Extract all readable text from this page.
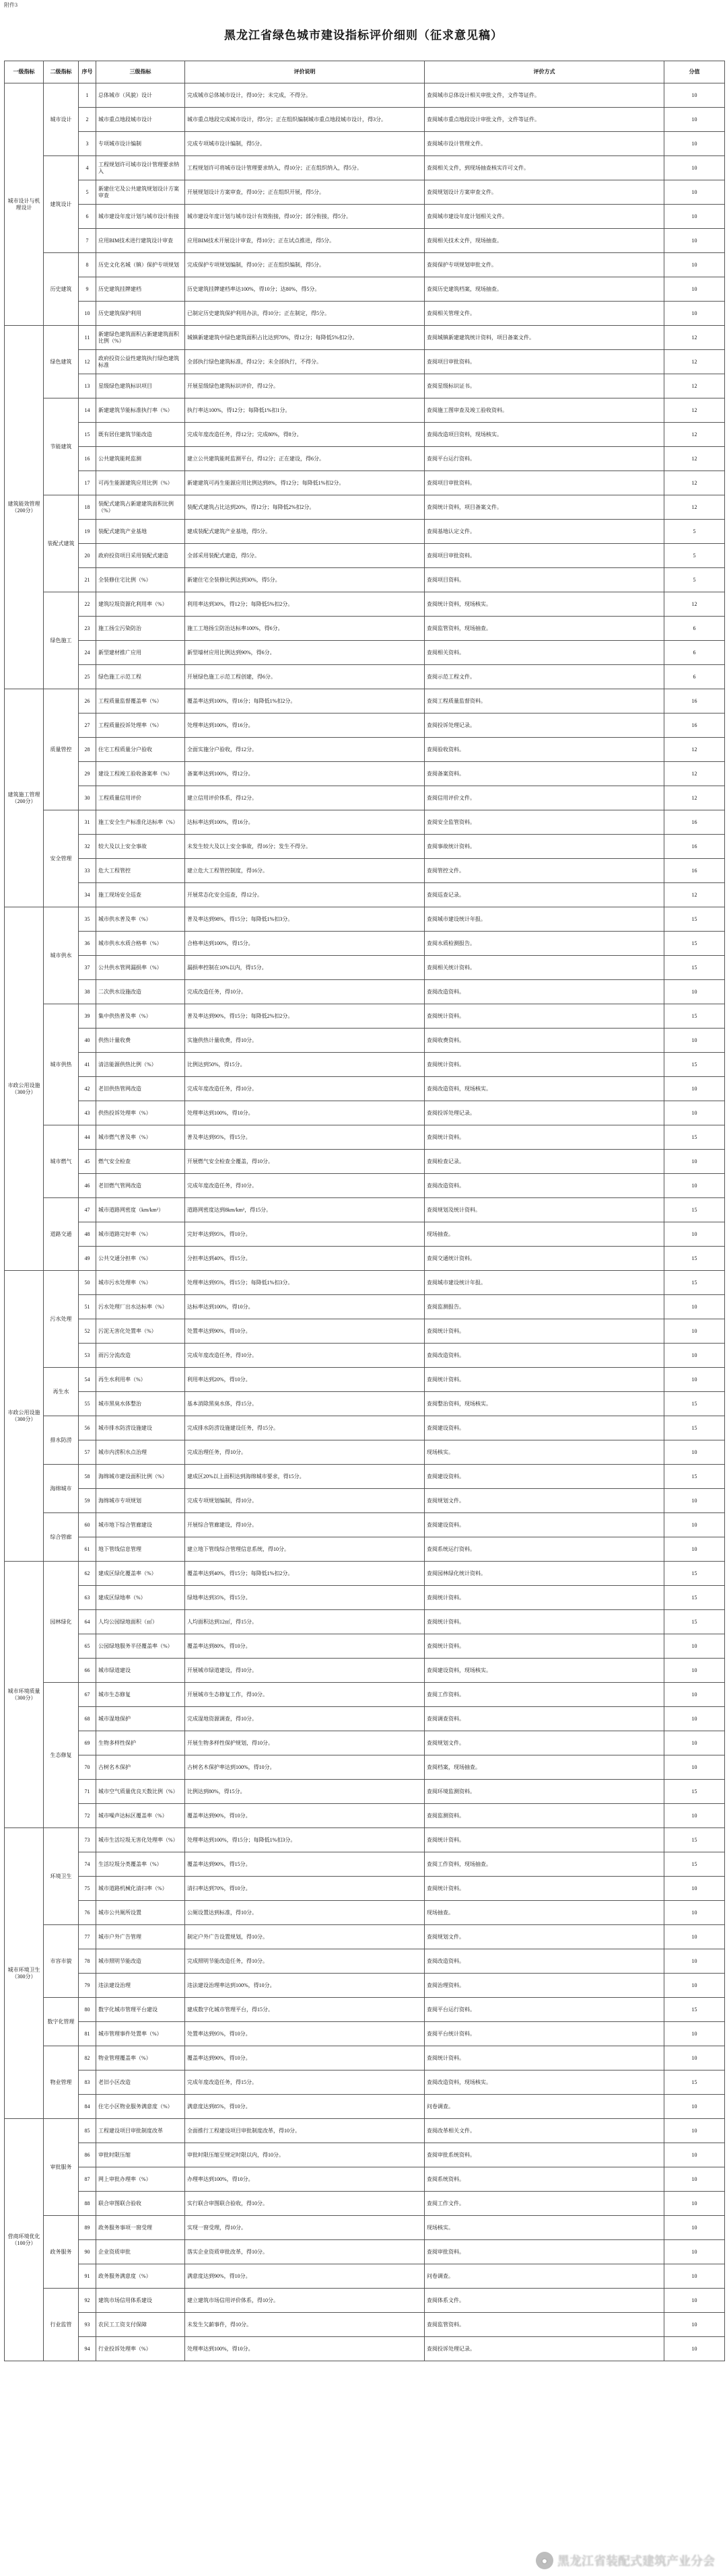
附件3
黑龙江省绿色城市建设指标评价细则（征求意见稿）
一级指标	二级指标	序号	三级指标	评价说明	评价方式	分值
城市设计与机理设计	城市设计	1	总体城市（风貌）设计	完成城市总体城市设计，得10分；未完成，不得分。	查阅城市总体设计相关审批文件，文件等证件。	10
		2	城市重点地段城市设计	城市重点地段完成城市设计，得5分；正在组织编制城市重点地段城市设计，得3分。	查阅城市重点地段设计审批文件，文件等证件。	10
		3	专项城市设计编制	完成专项城市设计编制，得5分。	查阅城市设计管理文件。	10
	建筑设计	4	工程规划许可城市设计管理要求纳入	工程规划许可将城市设计管理要求纳入，得10分；正在组织纳入，得5分。	查阅相关文件，到现场抽查核实许可文件。	10
		5	新建住宅及公共建筑规划设计方案审查	开展规划设计方案审查，得10分；正在组织开展，得5分。	查阅规划设计方案审查文件。	10
		6	城市建设年度计划与城市设计衔接	城市建设年度计划与城市设计有效衔接，得10分；部分衔接，得5分。	查阅城市建设年度计划相关文件。	10
		7	应用BIM技术进行建筑设计审查	应用BIM技术开展设计审查，得10分；正在试点推进，得5分。	查阅相关技术文件，现场抽查。	10
	历史建筑	8	历史文化名城（镇）保护专项规划	完成保护专项规划编制，得10分；正在组织编制，得5分。	查阅保护专项规划审批文件。	10
		9	历史建筑挂牌建档	历史建筑挂牌建档率达100%，得10分；达80%，得5分。	查阅历史建筑档案，现场抽查。	10
		10	历史建筑保护利用	已制定历史建筑保护利用办法，得10分；正在制定，得5分。	查阅相关管理文件。	10
建筑能效管理（200分）	绿色建筑	11	新建绿色建筑面积占新建建筑面积比例（%）	城镇新建建筑中绿色建筑面积占比达到70%，得12分；每降低5%扣2分。	查阅城镇新建建筑统计资料，项目备案文件。	12
		12	政府投资公益性建筑执行绿色建筑标准	全部执行绿色建筑标准，得12分；未全部执行，不得分。	查阅项目审批资料。	12
		13	星级绿色建筑标识项目	开展星级绿色建筑标识评价，得12分。	查阅星级标识证书。	12
	节能建筑	14	新建建筑节能标准执行率（%）	执行率达100%，得12分；每降低1%扣1分。	查阅施工图审查及竣工验收资料。	12
		15	既有居住建筑节能改造	完成年度改造任务，得12分；完成80%，得8分。	查阅改造项目资料，现场核实。	12
		16	公共建筑能耗监测	建立公共建筑能耗监测平台，得12分；正在建设，得6分。	查阅平台运行资料。	12
		17	可再生能源建筑应用比例（%）	新建建筑可再生能源应用比例达到8%，得12分；每降低1%扣2分。	查阅项目审批资料。	12
	装配式建筑	18	装配式建筑占新建建筑面积比例（%）	装配式建筑占比达到20%，得12分；每降低2%扣2分。	查阅统计资料，项目备案文件。	12
		19	装配式建筑产业基地	建成装配式建筑产业基地，得5分。	查阅基地认定文件。	5
		20	政府投资项目采用装配式建造	全部采用装配式建造，得5分。	查阅项目审批资料。	5
		21	全装修住宅比例（%）	新建住宅全装修比例达到30%，得5分。	查阅项目资料。	5
	绿色施工	22	建筑垃圾资源化利用率（%）	利用率达到30%，得12分；每降低5%扣2分。	查阅统计资料，现场核实。	12
		23	施工扬尘污染防治	施工工地扬尘防治达标率100%，得6分。	查阅监管资料，现场抽查。	6
		24	新型建材推广应用	新型墙材应用比例达到90%，得6分。	查阅相关资料。	6
		25	绿色施工示范工程	开展绿色施工示范工程创建，得6分。	查阅示范工程文件。	6
建筑施工管理（200分）	质量管控	26	工程质量监督覆盖率（%）	覆盖率达到100%，得16分；每降低1%扣2分。	查阅工程质量监督资料。	16
		27	工程质量投诉处理率（%）	处理率达到100%，得16分。	查阅投诉处理记录。	16
		28	住宅工程质量分户验收	全面实施分户验收，得12分。	查阅验收资料。	12
		29	建设工程竣工验收备案率（%）	备案率达到100%，得12分。	查阅备案资料。	12
		30	工程质量信用评价	建立信用评价体系，得12分。	查阅信用评价文件。	12
	安全管理	31	施工安全生产标准化达标率（%）	达标率达到100%，得16分。	查阅安全监管资料。	16
		32	较大及以上安全事故	未发生较大及以上安全事故，得16分；发生不得分。	查阅事故统计资料。	16
		33	危大工程管控	建立危大工程管控制度，得16分。	查阅管控文件。	16
		34	施工现场安全巡查	开展常态化安全巡查，得12分。	查阅巡查记录。	12
市政公用设施（300分）	城市供水	35	城市供水普及率（%）	普及率达到98%，得15分；每降低1%扣3分。	查阅城市建设统计年报。	15
		36	城市供水水质合格率（%）	合格率达到100%，得15分。	查阅水质检测报告。	15
		37	公共供水管网漏损率（%）	漏损率控制在10%以内，得15分。	查阅相关统计资料。	15
		38	二次供水设施改造	完成改造任务，得10分。	查阅改造资料。	10
	城市供热	39	集中供热普及率（%）	普及率达到90%，得15分；每降低2%扣2分。	查阅统计资料。	15
		40	供热计量收费	实施供热计量收费，得10分。	查阅收费资料。	10
		41	清洁能源供热比例（%）	比例达到50%，得15分。	查阅统计资料。	15
		42	老旧供热管网改造	完成年度改造任务，得10分。	查阅改造资料，现场核实。	10
		43	供热投诉处理率（%）	处理率达到100%，得10分。	查阅投诉处理记录。	10
	城市燃气	44	城市燃气普及率（%）	普及率达到95%，得15分。	查阅统计资料。	15
		45	燃气安全检查	开展燃气安全检查全覆盖，得10分。	查阅检查记录。	10
		46	老旧燃气管网改造	完成年度改造任务，得10分。	查阅改造资料。	10
	道路交通	47	城市道路网密度（km/km²）	道路网密度达到8km/km²，得15分。	查阅规划及统计资料。	15
		48	城市道路完好率（%）	完好率达到95%，得10分。	现场抽查。	10
		49	公共交通分担率（%）	分担率达到40%，得15分。	查阅交通统计资料。	15
市政公用设施（300分）	污水处理	50	城市污水处理率（%）	处理率达到95%，得15分；每降低1%扣3分。	查阅城市建设统计年报。	15
		51	污水处理厂出水达标率（%）	达标率达到100%，得10分。	查阅监测报告。	10
		52	污泥无害化处置率（%）	处置率达到90%，得10分。	查阅统计资料。	10
		53	雨污分流改造	完成年度改造任务，得10分。	查阅改造资料。	10
	再生水	54	再生水利用率（%）	利用率达到20%，得10分。	查阅统计资料。	10
		55	城市黑臭水体整治	基本消除黑臭水体，得15分。	查阅整治资料，现场核实。	15
	排水防涝	56	城市排水防涝设施建设	完成排水防涝设施建设任务，得15分。	查阅建设资料。	15
		57	城市内涝积水点治理	完成治理任务，得10分。	现场核实。	10
	海绵城市	58	海绵城市建设面积比例（%）	建成区20%以上面积达到海绵城市要求，得15分。	查阅建设资料。	15
		59	海绵城市专项规划	完成专项规划编制，得10分。	查阅规划文件。	10
	综合管廊	60	城市地下综合管廊建设	开展综合管廊建设，得10分。	查阅建设资料。	10
		61	地下管线信息管理	建立地下管线综合管理信息系统，得10分。	查阅系统运行资料。	10
城市环境质量（300分）	园林绿化	62	建成区绿化覆盖率（%）	覆盖率达到40%，得15分；每降低1%扣2分。	查阅园林绿化统计资料。	15
		63	建成区绿地率（%）	绿地率达到35%，得15分。	查阅统计资料。	15
		64	人均公园绿地面积（㎡）	人均面积达到12㎡，得15分。	查阅统计资料。	15
		65	公园绿地服务半径覆盖率（%）	覆盖率达到80%，得10分。	查阅统计资料。	10
		66	城市绿道建设	开展城市绿道建设，得10分。	查阅建设资料，现场核实。	10
	生态修复	67	城市生态修复	开展城市生态修复工作，得10分。	查阅工作资料。	10
		68	城市湿地保护	完成湿地资源调查，得10分。	查阅调查资料。	10
		69	生物多样性保护	开展生物多样性保护规划，得10分。	查阅规划文件。	10
		70	古树名木保护	古树名木保护率达到100%，得10分。	查阅档案，现场抽查。	10
		71	城市空气质量优良天数比例（%）	比例达到80%，得15分。	查阅环境监测资料。	15
		72	城市噪声达标区覆盖率（%）	覆盖率达到90%，得10分。	查阅监测资料。	10
城市环境卫生（300分）	环境卫生	73	城市生活垃圾无害化处理率（%）	处理率达到100%，得15分；每降低1%扣3分。	查阅统计资料。	15
		74	生活垃圾分类覆盖率（%）	覆盖率达到90%，得15分。	查阅工作资料，现场抽查。	15
		75	城市道路机械化清扫率（%）	清扫率达到70%，得10分。	查阅统计资料。	10
		76	城市公共厕所设置	公厕设置达到标准，得10分。	现场抽查。	10
	市容市貌	77	城市户外广告管理	制定户外广告设置规划，得10分。	查阅规划文件。	10
		78	城市照明节能改造	完成照明节能改造任务，得10分。	查阅改造资料。	10
		79	违法建设治理	违法建设治理率达到100%，得10分。	查阅治理资料。	10
	数字化管理	80	数字化城市管理平台建设	建成数字化城市管理平台，得15分。	查阅平台运行资料。	15
		81	城市管理事件处置率（%）	处置率达到95%，得10分。	查阅平台统计资料。	10
	物业管理	82	物业管理覆盖率（%）	覆盖率达到90%，得10分。	查阅统计资料。	10
		83	老旧小区改造	完成年度改造任务，得15分。	查阅改造资料，现场核实。	15
		84	住宅小区物业服务满意度（%）	满意度达到85%，得10分。	问卷调查。	10
营商环境优化（100分）	审批服务	85	工程建设项目审批制度改革	全面推行工程建设项目审批制度改革，得10分。	查阅改革相关文件。	10
		86	审批时限压缩	审批时限压缩至规定时限以内，得10分。	查阅审批系统资料。	10
		87	网上审批办理率（%）	办理率达到100%，得10分。	查阅系统资料。	10
		88	联合审图联合验收	实行联合审图联合验收，得10分。	查阅工作文件。	10
	政务服务	89	政务服务事项一窗受理	实现一窗受理，得10分。	现场核实。	10
		90	企业资质审批	落实企业资质审批改革，得10分。	查阅审批资料。	10
		91	政务服务满意度（%）	满意度达到90%，得10分。	问卷调查。	10
	行业监管	92	建筑市场信用体系建设	建立建筑市场信用评价体系，得10分。	查阅体系文件。	10
		93	农民工工资支付保障	未发生欠薪事件，得10分。	查阅监管资料。	10
		94	行业投诉处理率（%）	处理率达到100%，得10分。	查阅投诉处理记录。	10
● 黑龙江省装配式建筑产业分会
